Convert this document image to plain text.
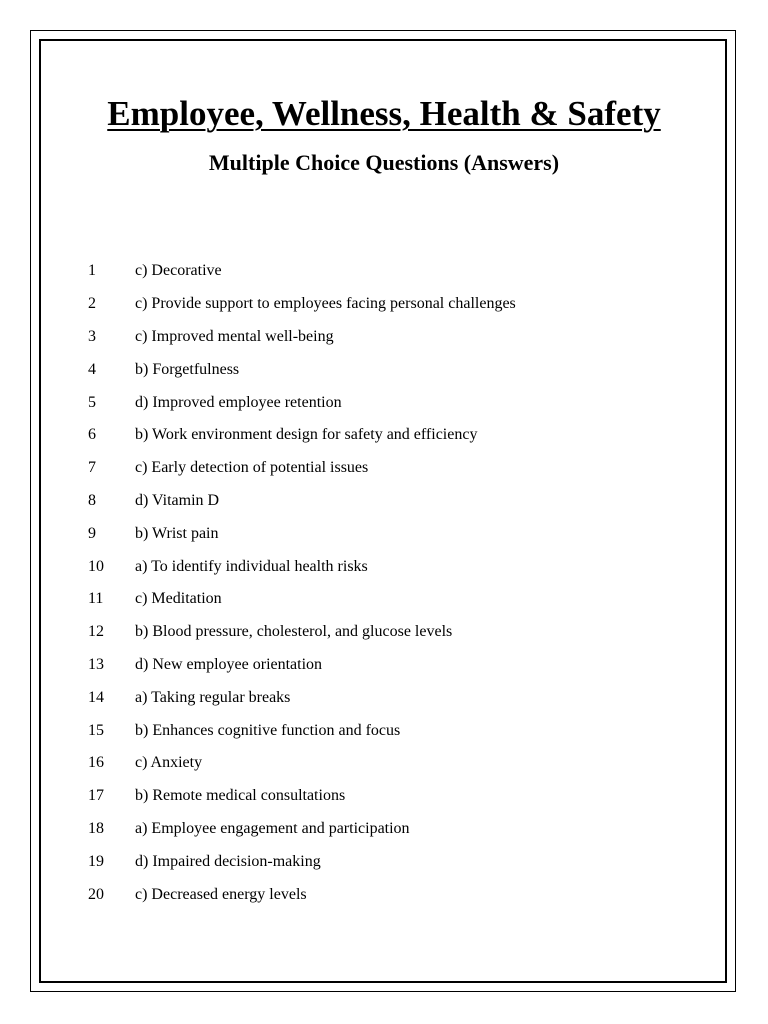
Employee, Wellness, Health & Safety
Multiple Choice Questions (Answers)
1	c) Decorative
2	c) Provide support to employees facing personal challenges
3	c) Improved mental well-being
4	b) Forgetfulness
5	d) Improved employee retention
6	b) Work environment design for safety and efficiency
7	c) Early detection of potential issues
8	d) Vitamin D
9	b) Wrist pain
10	a) To identify individual health risks
11	c) Meditation
12	b) Blood pressure, cholesterol, and glucose levels
13	d) New employee orientation
14	a) Taking regular breaks
15	b) Enhances cognitive function and focus
16	c) Anxiety
17	b) Remote medical consultations
18	a) Employee engagement and participation
19	d) Impaired decision-making
20	c) Decreased energy levels
